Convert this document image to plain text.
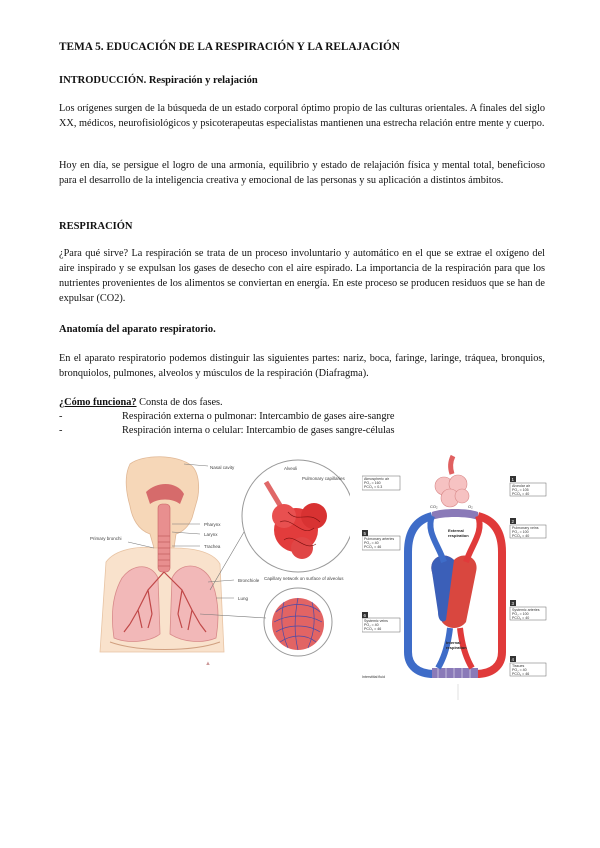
TEMA 5. EDUCACIÓN DE LA RESPIRACIÓN Y LA RELAJACIÓN
INTRODUCCIÓN. Respiración y relajación
Los orígenes surgen de la búsqueda de un estado corporal óptimo propio de las culturas orientales. A finales del siglo XX, médicos, neurofisiológicos y psicoterapeutas especialistas mantienen una estrecha relación entre mente y cuerpo.
Hoy en día, se persigue el logro de una armonía, equilibrio y estado de relajación física y mental total, beneficioso para el desarrollo de la inteligencia creativa y emocional de las personas y su aplicación a distintos ámbitos.
RESPIRACIÓN
¿Para qué sirve? La respiración se trata de un proceso involuntario y automático en el que se extrae el oxígeno del aire inspirado y se expulsan los gases de desecho con el aire espirado. La importancia de la respiración para que los nutrientes provenientes de los alimentos se conviertan en energía. En este proceso se producen residuos que se han de expulsar (CO2).
Anatomía del aparato respiratorio.
En el aparato respiratorio podemos distinguir las siguientes partes: nariz, boca, faringe, laringe, tráquea, bronquios, bronquiolos, pulmones, alveolos y músculos de la respiración (Diafragma).
¿Cómo funciona? Consta de dos fases.
-	Respiración externa o pulmonar: Intercambio de gases aire-sangre
-	Respiración interna o celular: Intercambio de gases sangre-células
▲
Nasal cavity
Primary bronchi
Pharynx
Larynx
Trachea
Alveoli
Pulmonary capillaries
Bronchiole
Lung
Capillary network on surface of alveolus
Atmospheric air
PO₂ = 160
PCO₂ = 0.3
Pulmonary arteries
PO₂ = 40
PCO₂ = 46
Systemic veins
PO₂ = 40
PCO₂ = 46
Interstitial fluid
CO₂	O₂
External
respiration
Internal
respiration
1
Alveolar air
PO₂ = 105
PCO₂ = 40
2
Pulmonary veins
PO₂ = 100
PCO₂ = 40
3
Systemic arteries
PO₂ = 100
PCO₂ = 40
4
Tissues
PO₂ = 40
PCO₂ = 46
5
6
